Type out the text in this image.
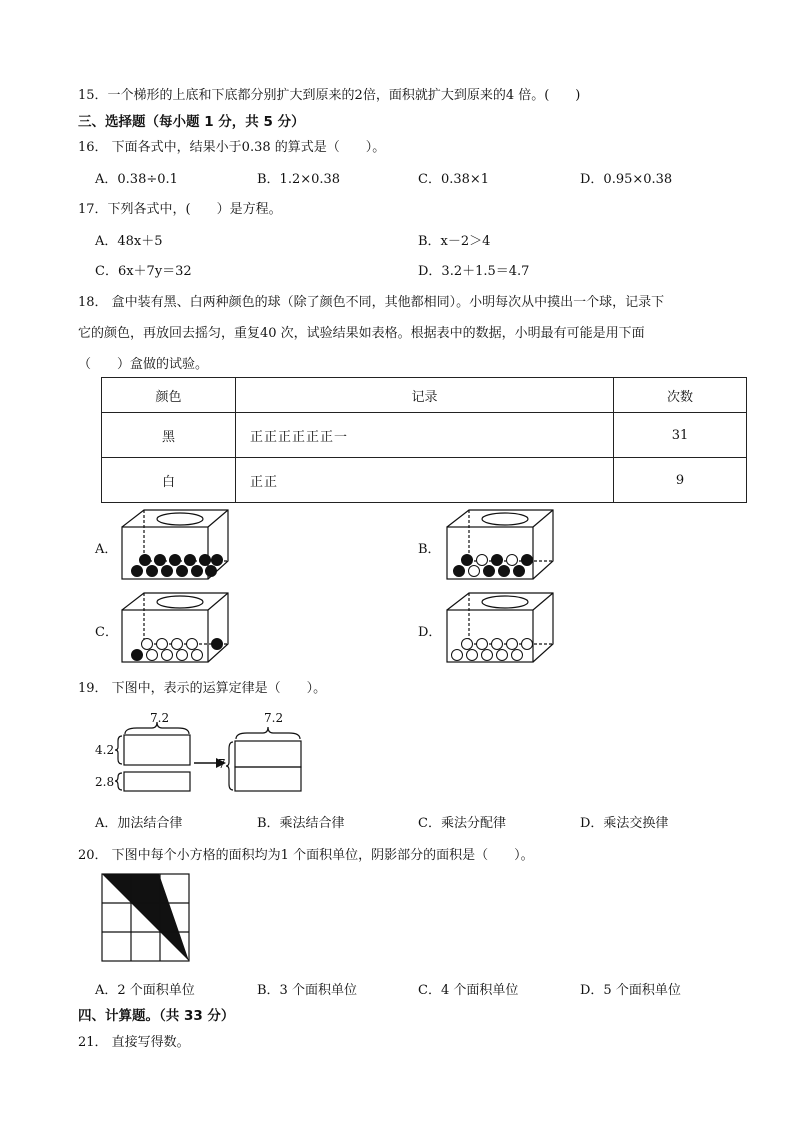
15．一个梯形的上底和下底都分别扩大到原来的2倍，面积就扩大到原来的4 倍。(　　)
三、选择题（每小题 1 分，共 5 分）
16． 下面各式中，结果小于0.38 的算式是（　　）。
A．0.38÷0.1	B．1.2×0.38	C．0.38×1	D．0.95×0.38
17．下列各式中，(　　）是方程。
A．48x＋5	B．x－2＞4
C．6x＋7y＝32	D．3.2＋1.5＝4.7
18． 盒中装有黑、白两种颜色的球（除了颜色不同，其他都相同）。小明每次从中摸出一个球，记录下
它的颜色，再放回去摇匀，重复40 次，试验结果如表格。根据表中的数据，小明最有可能是用下面
（　　）盒做的试验。
颜色	记录	次数
黑	正正正正正正一	31
白	正正	9
A．	B．
C．	D．
19． 下图中，表示的运算定律是（　　）。
7.2
4.2
2.8
7.2
7
A．加法结合律	B．乘法结合律	C．乘法分配律	D．乘法交换律
20． 下图中每个小方格的面积均为1 个面积单位，阴影部分的面积是（　　）。
A．2 个面积单位	B．3 个面积单位	C．4 个面积单位	D．5 个面积单位
四、计算题。（共 33 分）
21． 直接写得数。
